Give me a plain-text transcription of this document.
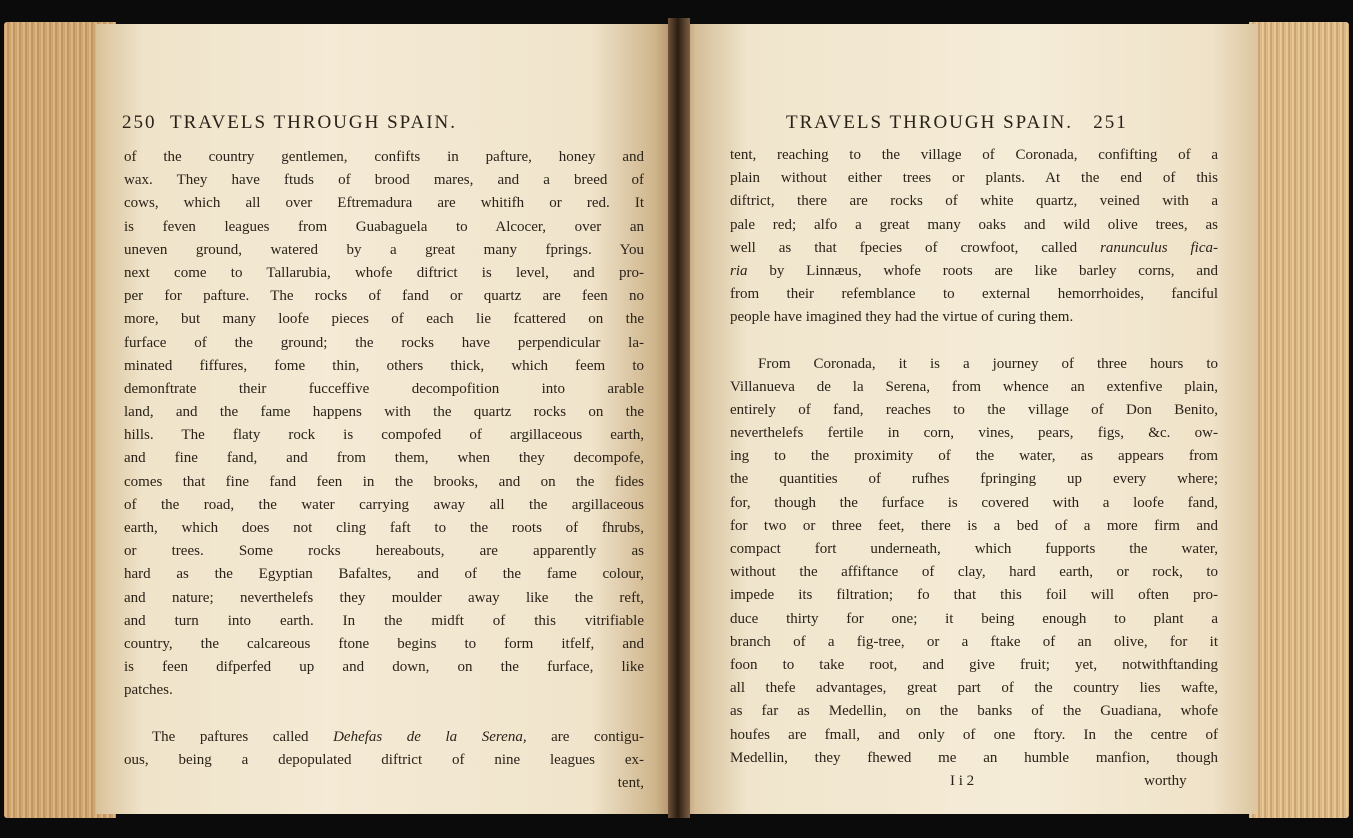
250 TRAVELS THROUGH SPAIN.
of the country gentlemen, confifts in pafture, honey and
wax. They have ftuds of brood mares, and a breed of
cows, which all over Eftremadura are whitifh or red. It
is feven leagues from Guabaguela to Alcocer, over an
uneven ground, watered by a great many fprings. You
next come to Tallarubia, whofe diftrict is level, and pro-
per for pafture. The rocks of fand or quartz are feen no
more, but many loofe pieces of each lie fcattered on the
furface of the ground; the rocks have perpendicular la-
minated fiffures, fome thin, others thick, which feem to
demonftrate their fucceffive decompofition into arable
land, and the fame happens with the quartz rocks on the
hills. The flaty rock is compofed of argillaceous earth,
and fine fand, and from them, when they decompofe,
comes that fine fand feen in the brooks, and on the fides
of the road, the water carrying away all the argillaceous
earth, which does not cling faft to the roots of fhrubs,
or trees. Some rocks hereabouts, are apparently as
hard as the Egyptian Bafaltes, and of the fame colour,
and nature; neverthelefs they moulder away like the reft,
and turn into earth. In the midft of this vitrifiable
country, the calcareous ftone begins to form itfelf, and
is feen difperfed up and down, on the furface, like
patches.
The paftures called Dehefas de la Serena, are contigu-
ous, being a depopulated diftrict of nine leagues ex-
tent,
TRAVELS THROUGH SPAIN. 251
tent, reaching to the village of Coronada, confifting of a
plain without either trees or plants. At the end of this
diftrict, there are rocks of white quartz, veined with a
pale red; alfo a great many oaks and wild olive trees, as
well as that fpecies of crowfoot, called ranunculus fica-
ria by Linnæus, whofe roots are like barley corns, and
from their refemblance to external hemorrhoides, fanciful
people have imagined they had the virtue of curing them.
From Coronada, it is a journey of three hours to
Villanueva de la Serena, from whence an extenfive plain,
entirely of fand, reaches to the village of Don Benito,
neverthelefs fertile in corn, vines, pears, figs, &c. ow-
ing to the proximity of the water, as appears from
the quantities of rufhes fpringing up every where;
for, though the furface is covered with a loofe fand,
for two or three feet, there is a bed of a more firm and
compact fort underneath, which fupports the water,
without the affiftance of clay, hard earth, or rock, to
impede its filtration; fo that this foil will often pro-
duce thirty for one; it being enough to plant a
branch of a fig-tree, or a ftake of an olive, for it
foon to take root, and give fruit; yet, notwithftanding
all thefe advantages, great part of the country lies wafte,
as far as Medellin, on the banks of the Guadiana, whofe
houfes are fmall, and only of one ftory. In the centre of
Medellin, they fhewed me an humble manfion, though
I i 2	worthy
